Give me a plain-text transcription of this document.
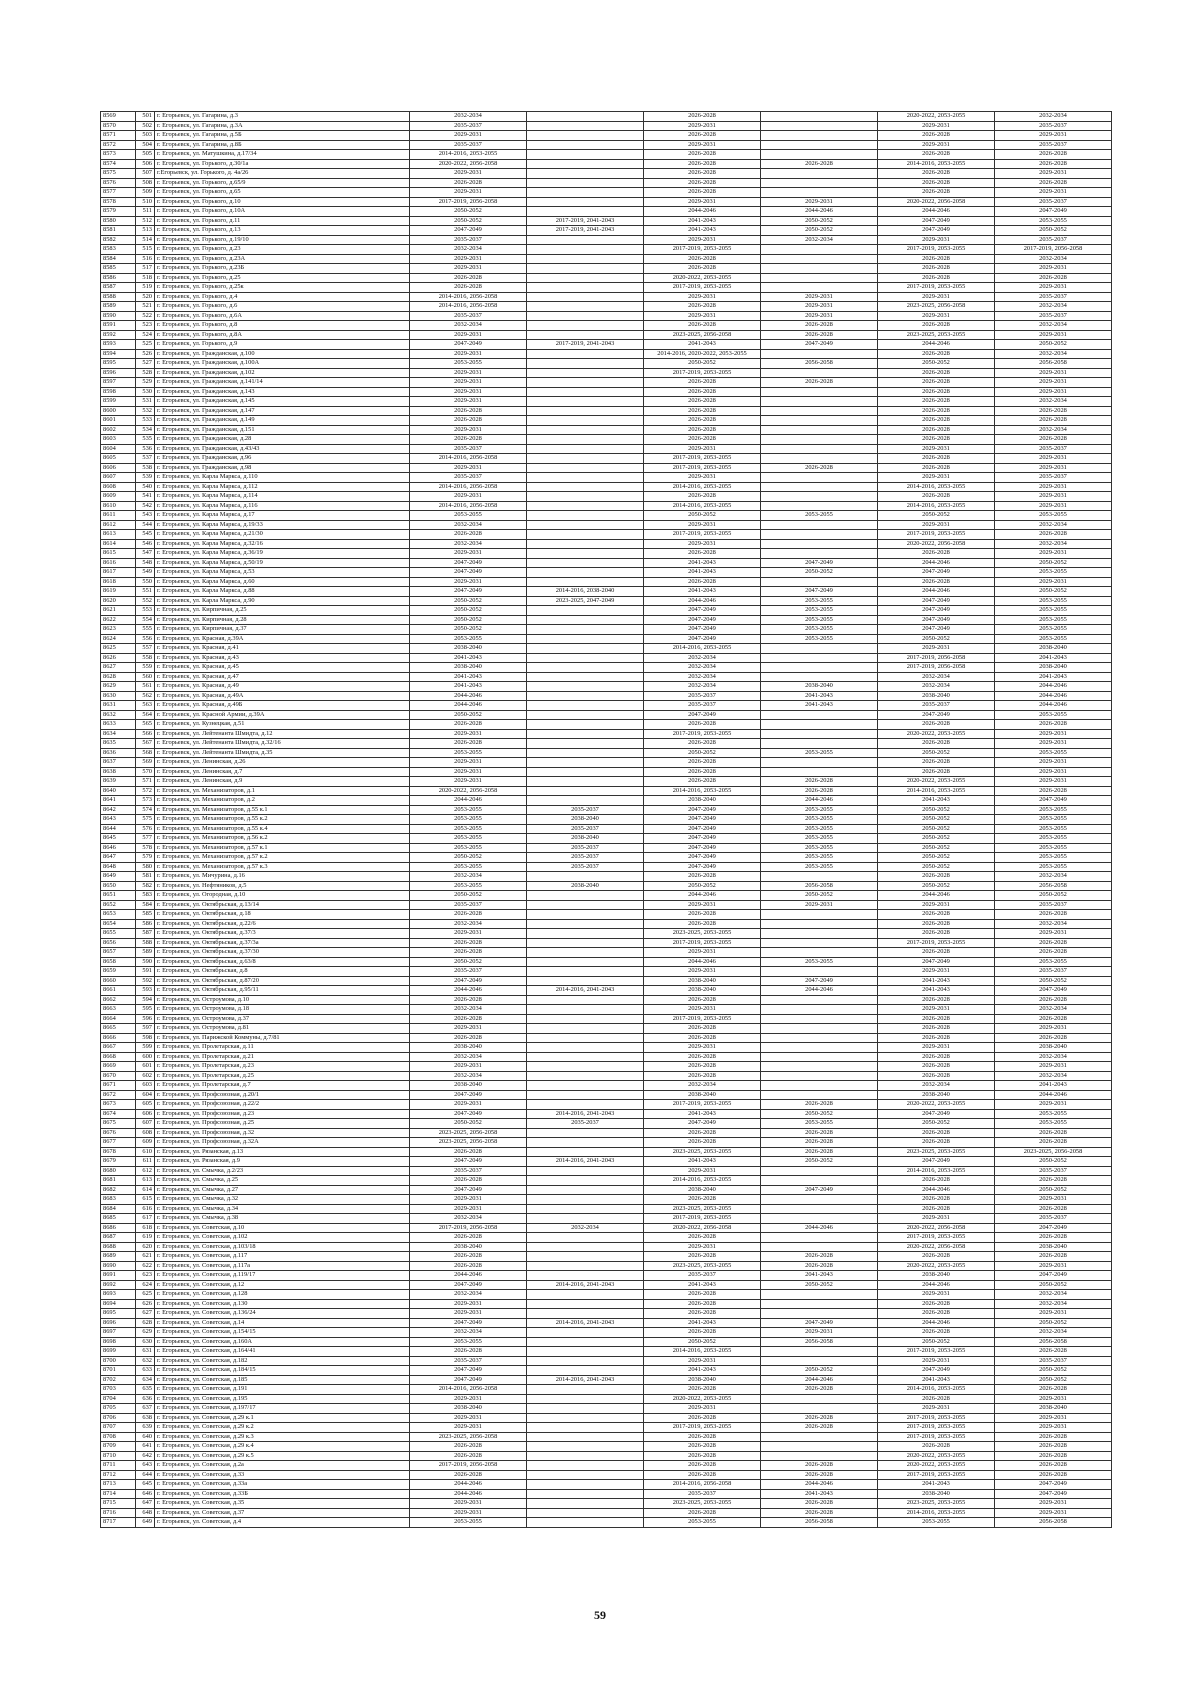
8569	501	г. Егорьевск, ул. Гагарина, д.3	2032-2034		2026-2028		2020-2022, 2053-2055	2032-2034
8570	502	г. Егорьевск, ул. Гагарина, д.3А	2035-2037		2029-2031		2029-2031	2035-2037
8571	503	г. Егорьевск, ул. Гагарина, д.5Б	2029-2031		2026-2028		2026-2028	2029-2031
8572	504	г. Егорьевск, ул. Гагарина, д.8Б	2035-2037		2029-2031		2029-2031	2035-2037
8573	505	г. Егорьевск, ул. Матушкина, д.17/34	2014-2016, 2053-2055		2026-2028		2026-2028	2026-2028
8574	506	г. Егорьевск, ул. Горького, д.30/1а	2020-2022, 2056-2058		2026-2028	2026-2028	2014-2016, 2053-2055	2026-2028
8575	507	г.Егорьевск, ул. Горького, д. 4а/26	2029-2031		2026-2028		2026-2028	2029-2031
8576	508	г. Егорьевск, ул. Горького, д.65/9	2026-2028		2026-2028		2026-2028	2026-2028
8577	509	г. Егорьевск, ул. Горького, д.65	2029-2031		2026-2028		2026-2028	2029-2031
8578	510	г. Егорьевск, ул. Горького, д.10	2017-2019, 2056-2058		2029-2031	2029-2031	2020-2022, 2056-2058	2035-2037
8579	511	г. Егорьевск, ул. Горького, д.10А	2050-2052		2044-2046	2044-2046	2044-2046	2047-2049
8580	512	г. Егорьевск, ул. Горького, д.11	2050-2052	2017-2019, 2041-2043	2041-2043	2050-2052	2047-2049	2053-2055
8581	513	г. Егорьевск, ул. Горького, д.13	2047-2049	2017-2019, 2041-2043	2041-2043	2050-2052	2047-2049	2050-2052
8582	514	г. Егорьевск, ул. Горького, д.19/10	2035-2037		2029-2031	2032-2034	2029-2031	2035-2037
8583	515	г. Егорьевск, ул. Горького, д.23	2032-2034		2017-2019, 2053-2055		2017-2019, 2053-2055	2017-2019, 2056-2058
8584	516	г. Егорьевск, ул. Горького, д.23А	2029-2031		2026-2028		2026-2028	2032-2034
8585	517	г. Егорьевск, ул. Горького, д.23Б	2029-2031		2026-2028		2026-2028	2029-2031
8586	518	г. Егорьевск, ул. Горького, д.25	2026-2028		2020-2022, 2053-2055		2026-2028	2026-2028
8587	519	г. Егорьевск, ул. Горького, д.25к	2026-2028		2017-2019, 2053-2055		2017-2019, 2053-2055	2029-2031
8588	520	г. Егорьевск, ул. Горького, д.4	2014-2016, 2056-2058		2029-2031	2029-2031	2029-2031	2035-2037
8589	521	г. Егорьевск, ул. Горького, д.6	2014-2016, 2056-2058		2026-2028	2029-2031	2023-2025, 2056-2058	2032-2034
8590	522	г. Егорьевск, ул. Горького, д.6А	2035-2037		2029-2031	2029-2031	2029-2031	2035-2037
8591	523	г. Егорьевск, ул. Горького, д.8	2032-2034		2026-2028	2026-2028	2026-2028	2032-2034
8592	524	г. Егорьевск, ул. Горького, д.8А	2029-2031		2023-2025, 2056-2058	2026-2028	2023-2025, 2053-2055	2029-2031
8593	525	г. Егорьевск, ул. Горького, д.9	2047-2049	2017-2019, 2041-2043	2041-2043	2047-2049	2044-2046	2050-2052
8594	526	г. Егорьевск, ул. Гражданская, д.100	2029-2031		2014-2016, 2020-2022, 2053-2055		2026-2028	2032-2034
8595	527	г. Егорьевск, ул. Гражданская, д.100А	2053-2055		2050-2052	2056-2058	2050-2052	2056-2058
8596	528	г. Егорьевск, ул. Гражданская, д.102	2029-2031		2017-2019, 2053-2055		2026-2028	2029-2031
8597	529	г. Егорьевск, ул. Гражданская, д.141/14	2029-2031		2026-2028	2026-2028	2026-2028	2029-2031
8598	530	г. Егорьевск, ул. Гражданская, д.143	2029-2031		2026-2028		2026-2028	2029-2031
8599	531	г. Егорьевск, ул. Гражданская, д.145	2029-2031		2026-2028		2026-2028	2032-2034
8600	532	г. Егорьевск, ул. Гражданская, д.147	2026-2028		2026-2028		2026-2028	2026-2028
8601	533	г. Егорьевск, ул. Гражданская, д.149	2026-2028		2026-2028		2026-2028	2026-2028
8602	534	г. Егорьевск, ул. Гражданская, д.151	2029-2031		2026-2028		2026-2028	2032-2034
8603	535	г. Егорьевск, ул. Гражданская, д.28	2026-2028		2026-2028		2026-2028	2026-2028
8604	536	г. Егорьевск, ул. Гражданская, д.43/43	2035-2037		2029-2031		2029-2031	2035-2037
8605	537	г. Егорьевск, ул. Гражданская, д.96	2014-2016, 2056-2058		2017-2019, 2053-2055		2026-2028	2029-2031
8606	538	г. Егорьевск, ул. Гражданская, д.98	2029-2031		2017-2019, 2053-2055	2026-2028	2026-2028	2029-2031
8607	539	г. Егорьевск, ул. Карла Маркса, д.110	2035-2037		2029-2031		2029-2031	2035-2037
8608	540	г. Егорьевск, ул. Карла Маркса, д.112	2014-2016, 2056-2058		2014-2016, 2053-2055		2014-2016, 2053-2055	2029-2031
8609	541	г. Егорьевск, ул. Карла Маркса, д.114	2029-2031		2026-2028		2026-2028	2029-2031
8610	542	г. Егорьевск, ул. Карла Маркса, д.116	2014-2016, 2056-2058		2014-2016, 2053-2055		2014-2016, 2053-2055	2029-2031
8611	543	г. Егорьевск, ул. Карла Маркса, д.17	2053-2055		2050-2052	2053-2055	2050-2052	2053-2055
8612	544	г. Егорьевск, ул. Карла Маркса, д.19/33	2032-2034		2029-2031		2029-2031	2032-2034
8613	545	г. Егорьевск, ул. Карла Маркса, д.21/30	2026-2028		2017-2019, 2053-2055		2017-2019, 2053-2055	2026-2028
8614	546	г. Егорьевск, ул. Карла Маркса, д.32/16	2032-2034		2029-2031		2020-2022, 2056-2058	2032-2034
8615	547	г. Егорьевск, ул. Карла Маркса, д.36/19	2029-2031		2026-2028		2026-2028	2029-2031
8616	548	г. Егорьевск, ул. Карла Маркса, д.50/19	2047-2049		2041-2043	2047-2049	2044-2046	2050-2052
8617	549	г. Егорьевск, ул. Карла Маркса, д.53	2047-2049		2041-2043	2050-2052	2047-2049	2053-2055
8618	550	г. Егорьевск, ул. Карла Маркса, д.60	2029-2031		2026-2028		2026-2028	2029-2031
8619	551	г. Егорьевск, ул. Карла Маркса, д.88	2047-2049	2014-2016, 2038-2040	2041-2043	2047-2049	2044-2046	2050-2052
8620	552	г. Егорьевск, ул. Карла Маркса, д.90	2050-2052	2023-2025, 2047-2049	2044-2046	2053-2055	2047-2049	2053-2055
8621	553	г. Егорьевск, ул. Кирпичная, д.25	2050-2052		2047-2049	2053-2055	2047-2049	2053-2055
8622	554	г. Егорьевск, ул. Кирпичная, д.28	2050-2052		2047-2049	2053-2055	2047-2049	2053-2055
8623	555	г. Егорьевск, ул. Кирпичная, д.37	2050-2052		2047-2049	2053-2055	2047-2049	2053-2055
8624	556	г. Егорьевск, ул. Красная, д.39А	2053-2055		2047-2049	2053-2055	2050-2052	2053-2055
8625	557	г. Егорьевск, ул. Красная, д.41	2038-2040		2014-2016, 2053-2055		2029-2031	2038-2040
8626	558	г. Егорьевск, ул. Красная, д.43	2041-2043		2032-2034		2017-2019, 2056-2058	2041-2043
8627	559	г. Егорьевск, ул. Красная, д.45	2038-2040		2032-2034		2017-2019, 2056-2058	2038-2040
8628	560	г. Егорьевск, ул. Красная, д.47	2041-2043		2032-2034		2032-2034	2041-2043
8629	561	г. Егорьевск, ул. Красная, д.49	2041-2043		2032-2034	2038-2040	2032-2034	2044-2046
8630	562	г. Егорьевск, ул. Красная, д.49А	2044-2046		2035-2037	2041-2043	2038-2040	2044-2046
8631	563	г. Егорьевск, ул. Красная, д.49Б	2044-2046		2035-2037	2041-2043	2035-2037	2044-2046
8632	564	г. Егорьевск, ул. Красной Армии, д.39А	2050-2052		2047-2049		2047-2049	2053-2055
8633	565	г. Егорьевск, ул. Кузнецкая, д.51	2026-2028		2026-2028		2026-2028	2026-2028
8634	566	г. Егорьевск, ул. Лейтенанта Шмидта, д.12	2029-2031		2017-2019, 2053-2055		2020-2022, 2053-2055	2029-2031
8635	567	г. Егорьевск, ул. Лейтенанта Шмидта, д.32/16	2026-2028		2026-2028		2026-2028	2029-2031
8636	568	г. Егорьевск, ул. Лейтенанта Шмидта, д.35	2053-2055		2050-2052	2053-2055	2050-2052	2053-2055
8637	569	г. Егорьевск, ул. Ленинская, д.26	2029-2031		2026-2028		2026-2028	2029-2031
8638	570	г. Егорьевск, ул. Ленинская, д.7	2029-2031		2026-2028		2026-2028	2029-2031
8639	571	г. Егорьевск, ул. Ленинская, д.9	2029-2031		2026-2028	2026-2028	2020-2022, 2053-2055	2029-2031
8640	572	г. Егорьевск, ул. Механизаторов, д.1	2020-2022, 2056-2058		2014-2016, 2053-2055	2026-2028	2014-2016, 2053-2055	2026-2028
8641	573	г. Егорьевск, ул. Механизаторов, д.2	2044-2046		2038-2040	2044-2046	2041-2043	2047-2049
8642	574	г. Егорьевск, ул. Механизаторов, д.55 к.1	2053-2055	2035-2037	2047-2049	2053-2055	2050-2052	2053-2055
8643	575	г. Егорьевск, ул. Механизаторов, д.55 к.2	2053-2055	2038-2040	2047-2049	2053-2055	2050-2052	2053-2055
8644	576	г. Егорьевск, ул. Механизаторов, д.55 к.4	2053-2055	2035-2037	2047-2049	2053-2055	2050-2052	2053-2055
8645	577	г. Егорьевск, ул. Механизаторов, д.56 к.2	2053-2055	2038-2040	2047-2049	2053-2055	2050-2052	2053-2055
8646	578	г. Егорьевск, ул. Механизаторов, д.57 к.1	2053-2055	2035-2037	2047-2049	2053-2055	2050-2052	2053-2055
8647	579	г. Егорьевск, ул. Механизаторов, д.57 к.2	2050-2052	2035-2037	2047-2049	2053-2055	2050-2052	2053-2055
8648	580	г. Егорьевск, ул. Механизаторов, д.57 к.3	2053-2055	2035-2037	2047-2049	2053-2055	2050-2052	2053-2055
8649	581	г. Егорьевск, ул. Мичурина, д.16	2032-2034		2026-2028		2026-2028	2032-2034
8650	582	г. Егорьевск, ул. Нефтяников, д.5	2053-2055	2038-2040	2050-2052	2056-2058	2050-2052	2056-2058
8651	583	г. Егорьевск, ул. Огородная, д.10	2050-2052		2044-2046	2050-2052	2044-2046	2050-2052
8652	584	г. Егорьевск, ул. Октябрьская, д.13/14	2035-2037		2029-2031	2029-2031	2029-2031	2035-2037
8653	585	г. Егорьевск, ул. Октябрьская, д.18	2026-2028		2026-2028		2026-2028	2026-2028
8654	586	г. Егорьевск, ул. Октябрьская, д.22/6	2032-2034		2026-2028		2026-2028	2032-2034
8655	587	г. Егорьевск, ул. Октябрьская, д.37/3	2029-2031		2023-2025, 2053-2055		2026-2028	2029-2031
8656	588	г. Егорьевск, ул. Октябрьская, д.37/3а	2026-2028		2017-2019, 2053-2055		2017-2019, 2053-2055	2026-2028
8657	589	г. Егорьевск, ул. Октябрьская, д.37/30	2026-2028		2029-2031		2026-2028	2026-2028
8658	590	г. Егорьевск, ул. Октябрьская, д.63/8	2050-2052		2044-2046	2053-2055	2047-2049	2053-2055
8659	591	г. Егорьевск, ул. Октябрьская, д.8	2035-2037		2029-2031		2029-2031	2035-2037
8660	592	г. Егорьевск, ул. Октябрьская, д.87/20	2047-2049		2038-2040	2047-2049	2041-2043	2050-2052
8661	593	г. Егорьевск, ул. Октябрьская, д.95/11	2044-2046	2014-2016, 2041-2043	2038-2040	2044-2046	2041-2043	2047-2049
8662	594	г. Егорьевск, ул. Остроумова, д.10	2026-2028		2026-2028		2026-2028	2026-2028
8663	595	г. Егорьевск, ул. Остроумова, д.18	2032-2034		2029-2031		2029-2031	2032-2034
8664	596	г. Егорьевск, ул. Остроумова, д.37	2026-2028		2017-2019, 2053-2055		2026-2028	2026-2028
8665	597	г. Егорьевск, ул. Остроумова, д.81	2029-2031		2026-2028		2026-2028	2029-2031
8666	598	г. Егорьевск, ул. Парижской Коммуны, д.7/81	2026-2028		2026-2028		2026-2028	2026-2028
8667	599	г. Егорьевск, ул. Пролетарская, д.11	2038-2040		2029-2031		2029-2031	2038-2040
8668	600	г. Егорьевск, ул. Пролетарская, д.21	2032-2034		2026-2028		2026-2028	2032-2034
8669	601	г. Егорьевск, ул. Пролетарская, д.23	2029-2031		2026-2028		2026-2028	2029-2031
8670	602	г. Егорьевск, ул. Пролетарская, д.25	2032-2034		2026-2028		2026-2028	2032-2034
8671	603	г. Егорьевск, ул. Пролетарская, д.7	2038-2040		2032-2034		2032-2034	2041-2043
8672	604	г. Егорьевск, ул. Профсоюзная, д.20/1	2047-2049		2038-2040		2038-2040	2044-2046
8673	605	г. Егорьевск, ул. Профсоюзная, д.22/2	2029-2031		2017-2019, 2053-2055	2026-2028	2020-2022, 2053-2055	2029-2031
8674	606	г. Егорьевск, ул. Профсоюзная, д.23	2047-2049	2014-2016, 2041-2043	2041-2043	2050-2052	2047-2049	2053-2055
8675	607	г. Егорьевск, ул. Профсоюзная, д.25	2050-2052	2035-2037	2047-2049	2053-2055	2050-2052	2053-2055
8676	608	г. Егорьевск, ул. Профсоюзная, д.32	2023-2025, 2056-2058		2026-2028	2026-2028	2026-2028	2026-2028
8677	609	г. Егорьевск, ул. Профсоюзная, д.32А	2023-2025, 2056-2058		2026-2028	2026-2028	2026-2028	2026-2028
8678	610	г. Егорьевск, ул. Рязанская, д.13	2026-2028		2023-2025, 2053-2055	2026-2028	2023-2025, 2053-2055	2023-2025, 2056-2058
8679	611	г. Егорьевск, ул. Рязанская, д.9	2047-2049	2014-2016, 2041-2043	2041-2043	2050-2052	2047-2049	2050-2052
8680	612	г. Егорьевск, ул. Смычка, д.2/23	2035-2037		2029-2031		2014-2016, 2053-2055	2035-2037
8681	613	г. Егорьевск, ул. Смычка, д.25	2026-2028		2014-2016, 2053-2055		2026-2028	2026-2028
8682	614	г. Егорьевск, ул. Смычка, д.27	2047-2049		2038-2040	2047-2049	2044-2046	2050-2052
8683	615	г. Егорьевск, ул. Смычка, д.32	2029-2031		2026-2028		2026-2028	2029-2031
8684	616	г. Егорьевск, ул. Смычка, д.34	2029-2031		2023-2025, 2053-2055		2026-2028	2026-2028
8685	617	г. Егорьевск, ул. Смычка, д.38	2032-2034		2017-2019, 2053-2055		2029-2031	2035-2037
8686	618	г. Егорьевск, ул. Советская, д.10	2017-2019, 2056-2058	2032-2034	2020-2022, 2056-2058	2044-2046	2020-2022, 2056-2058	2047-2049
8687	619	г. Егорьевск, ул. Советская, д.102	2026-2028		2026-2028		2017-2019, 2053-2055	2026-2028
8688	620	г. Егорьевск, ул. Советская, д.103/18	2038-2040		2029-2031		2020-2022, 2056-2058	2038-2040
8689	621	г. Егорьевск, ул. Советская, д.117	2026-2028		2026-2028	2026-2028	2026-2028	2026-2028
8690	622	г. Егорьевск, ул. Советская, д.117а	2026-2028		2023-2025, 2053-2055	2026-2028	2020-2022, 2053-2055	2029-2031
8691	623	г. Егорьевск, ул. Советская, д.119/17	2044-2046		2035-2037	2041-2043	2038-2040	2047-2049
8692	624	г. Егорьевск, ул. Советская, д.12	2047-2049	2014-2016, 2041-2043	2041-2043	2050-2052	2044-2046	2050-2052
8693	625	г. Егорьевск, ул. Советская, д.128	2032-2034		2026-2028		2029-2031	2032-2034
8694	626	г. Егорьевск, ул. Советская, д.130	2029-2031		2026-2028		2026-2028	2032-2034
8695	627	г. Егорьевск, ул. Советская, д.136/24	2029-2031		2026-2028		2026-2028	2029-2031
8696	628	г. Егорьевск, ул. Советская, д.14	2047-2049	2014-2016, 2041-2043	2041-2043	2047-2049	2044-2046	2050-2052
8697	629	г. Егорьевск, ул. Советская, д.154/15	2032-2034		2026-2028	2029-2031	2026-2028	2032-2034
8698	630	г. Егорьевск, ул. Советская, д.160А	2053-2055		2050-2052	2056-2058	2050-2052	2056-2058
8699	631	г. Егорьевск, ул. Советская, д.164/41	2026-2028		2014-2016, 2053-2055		2017-2019, 2053-2055	2026-2028
8700	632	г. Егорьевск, ул. Советская, д.182	2035-2037		2029-2031		2029-2031	2035-2037
8701	633	г. Егорьевск, ул. Советская, д.184/15	2047-2049		2041-2043	2050-2052	2047-2049	2050-2052
8702	634	г. Егорьевск, ул. Советская, д.185	2047-2049	2014-2016, 2041-2043	2038-2040	2044-2046	2041-2043	2050-2052
8703	635	г. Егорьевск, ул. Советская, д.191	2014-2016, 2056-2058		2026-2028	2026-2028	2014-2016, 2053-2055	2026-2028
8704	636	г. Егорьевск, ул. Советская, д.195	2029-2031		2020-2022, 2053-2055		2026-2028	2029-2031
8705	637	г. Егорьевск, ул. Советская, д.197/17	2038-2040		2029-2031		2029-2031	2038-2040
8706	638	г. Егорьевск, ул. Советская, д.29 к.1	2029-2031		2026-2028	2026-2028	2017-2019, 2053-2055	2029-2031
8707	639	г. Егорьевск, ул. Советская, д.29 к.2	2029-2031		2017-2019, 2053-2055	2026-2028	2017-2019, 2053-2055	2029-2031
8708	640	г. Егорьевск, ул. Советская, д.29 к.3	2023-2025, 2056-2058		2026-2028		2017-2019, 2053-2055	2026-2028
8709	641	г. Егорьевск, ул. Советская, д.29 к.4	2026-2028		2026-2028		2026-2028	2026-2028
8710	642	г. Егорьевск, ул. Советская, д.29 к.5	2026-2028		2026-2028		2020-2022, 2053-2055	2026-2028
8711	643	г. Егорьевск, ул. Советская, д.2а	2017-2019, 2056-2058		2026-2028	2026-2028	2020-2022, 2053-2055	2026-2028
8712	644	г. Егорьевск, ул. Советская, д.33	2026-2028		2026-2028	2026-2028	2017-2019, 2053-2055	2026-2028
8713	645	г. Егорьевск, ул. Советская, д.33а	2044-2046		2014-2016, 2056-2058	2044-2046	2041-2043	2047-2049
8714	646	г. Егорьевск, ул. Советская, д.33Б	2044-2046		2035-2037	2041-2043	2038-2040	2047-2049
8715	647	г. Егорьевск, ул. Советская, д.35	2029-2031		2023-2025, 2053-2055	2026-2028	2023-2025, 2053-2055	2029-2031
8716	648	г. Егорьевск, ул. Советская, д.37	2029-2031		2026-2028	2026-2028	2014-2016, 2053-2055	2029-2031
8717	649	г. Егорьевск, ул. Советская, д.4	2053-2055		2053-2055	2056-2058	2053-2055	2056-2058
59
